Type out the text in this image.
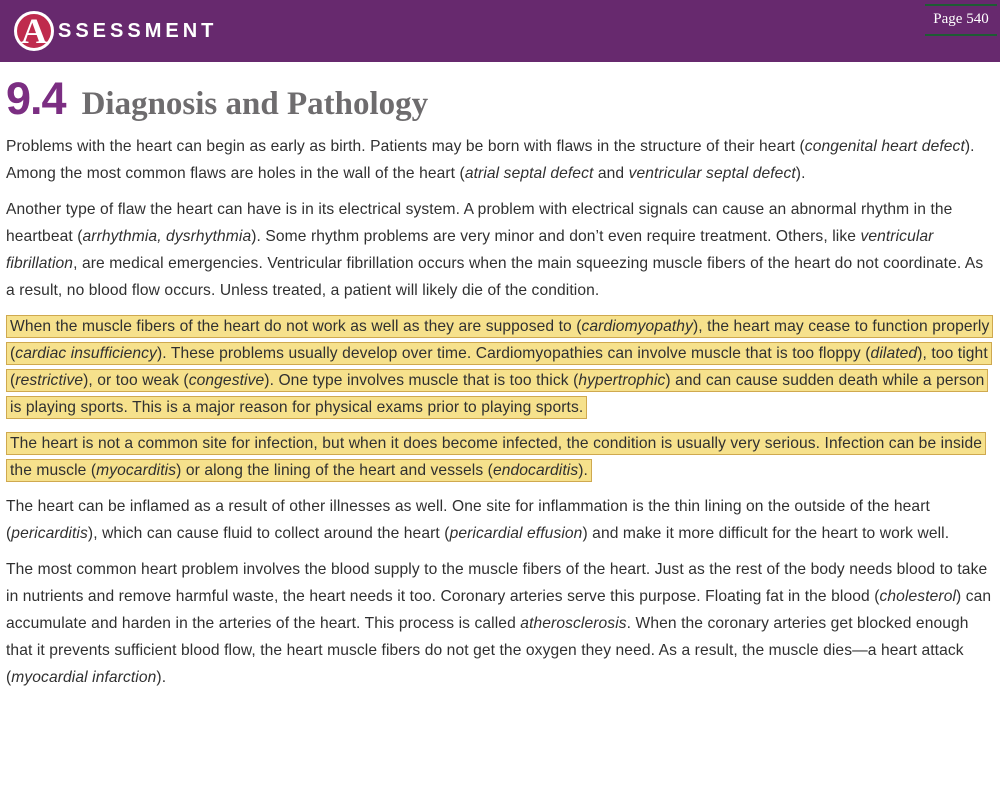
A SSESSMENT
Page 540
9.4 Diagnosis and Pathology

Problems with the heart can begin as early as birth. Patients may be born with flaws in the structure of their heart (congenital heart defect). Among the most common flaws are holes in the wall of the heart (atrial septal defect and ventricular septal defect).

Another type of flaw the heart can have is in its electrical system. A problem with electrical signals can cause an abnormal rhythm in the heartbeat (arrhythmia, dysrhythmia). Some rhythm problems are very minor and don’t even require treatment. Others, like ventricular fibrillation, are medical emergencies. Ventricular fibrillation occurs when the main squeezing muscle fibers of the heart do not coordinate. As a result, no blood flow occurs. Unless treated, a patient will likely die of the condition.

When the muscle fibers of the heart do not work as well as they are supposed to (cardiomyopathy), the heart may cease to function properly (cardiac insufficiency). These problems usually develop over time. Cardiomyopathies can involve muscle that is too floppy (dilated), too tight (restrictive), or too weak (congestive). One type involves muscle that is too thick (hypertrophic) and can cause sudden death while a person is playing sports. This is a major reason for physical exams prior to playing sports.

The heart is not a common site for infection, but when it does become infected, the condition is usually very serious. Infection can be inside the muscle (myocarditis) or along the lining of the heart and vessels (endocarditis).

The heart can be inflamed as a result of other illnesses as well. One site for inflammation is the thin lining on the outside of the heart (pericarditis), which can cause fluid to collect around the heart (pericardial effusion) and make it more difficult for the heart to work well.

The most common heart problem involves the blood supply to the muscle fibers of the heart. Just as the rest of the body needs blood to take in nutrients and remove harmful waste, the heart needs it too. Coronary arteries serve this purpose. Floating fat in the blood (cholesterol) can accumulate and harden in the arteries of the heart. This process is called atherosclerosis. When the coronary arteries get blocked enough that it prevents sufficient blood flow, the heart muscle fibers do not get the oxygen they need. As a result, the muscle dies—a heart attack (myocardial infarction).
